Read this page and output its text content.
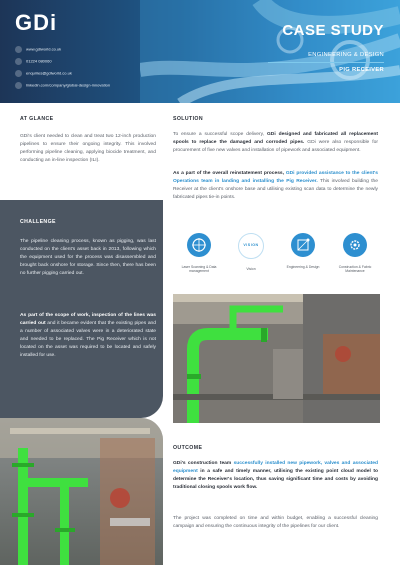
GDi
www.gdiworld.co.uk
01224 080060
enquiries@gdiworld.co.uk
linkedin.com/company/global-design-innovation
CASE STUDY
ENGINEERING & DESIGN
PIG RECEIVER
AT GLANCE
GDi's client needed to clean and treat two 12-inch production pipelines to ensure their ongoing integrity. This involved performing pipeline cleaning, applying biocide treatment, and conducting an in-line inspection (ILI).
CHALLENGE
The pipeline cleaning process, known as pigging, was last conducted on the client's asset back in 2013, following which the equipment used for the process was disassembled and brought back onshore for storage. Since then, there has been no further pigging carried out.
As part of the scope of work, inspection of the lines was carried out and it became evident that the existing pipes and a number of associated valves were in a deteriorated state and needed to be replaced. The Pig Receiver which is not located on the asset was required to be located and safely installed for use.
SOLUTION
To ensure a successful scope delivery, GDi designed and fabricated all replacement spools to replace the damaged and corroded pipes. GDi were also responsible for procurement of five new valves and installation of pipework and associated equipment.
As a part of the overall reinstatement process, GDi provided assistance to the client's Operations team in landing and installing the Pig Receiver. This involved building the Receiver at the client's onshore base and utilising existing scan data to determine the newly fabricated pipes tie-in points.
Laser Scanning & Data management
VISION
Vision	Engineering & Design	Construction & Fabric Maintenance
OUTCOME
GDi's construction team successfully installed new pipework, valves and associated equipment in a safe and timely manner, utilising the existing point cloud model to determine the Receiver's location, thus saving significant time and costs by avoiding traditional closing spools work flow.
The project was completed on time and within budget, enabling a successful cleaning campaign and ensuring the continuous integrity of the pipelines for our client.
